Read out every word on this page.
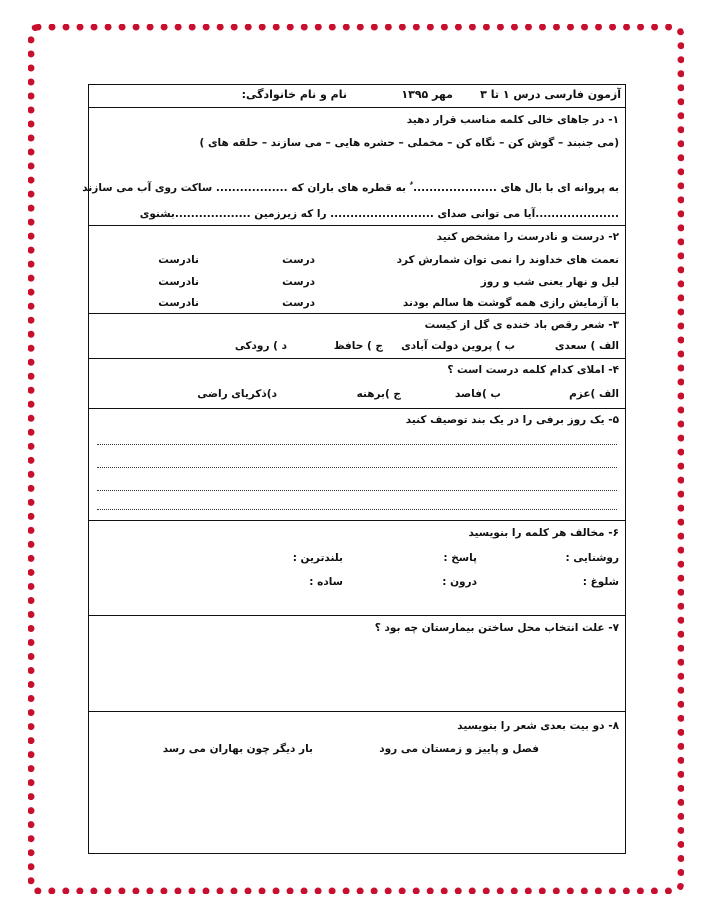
آزمون فارسی درس ۱ تا ۳
مهر ۱۳۹۵
نام و نام خانوادگی:
۱- در جاهای خالی کلمه مناسب قرار دهید
(می جنبند – گوش کن – نگاه کن – مخملی – حشره هایی – می سازند – حلقه های )
به پروانه ای با بال های ..................... ٌ به قطره های باران که .................. ساکت روی آب می سازند
.....................آیا می توانی صدای .......................... را که زیرزمین ...................بشنوی
۲- درست و نادرست را مشخص کنید
نعمت های خداوند را نمی توان شمارش کرد
درست
نادرست
لیل و نهار یعنی شب و روز
درست
نادرست
با آزمایش رازی همه گوشت ها سالم بودند
درست
نادرست
۳- شعر رقص باد خنده ی گل از کیست
الف ) سعدی
ب ) پروین دولت آبادی
ج ) حافظ
د ) رودکی
۴- املای کدام کلمه درست است ؟
الف )عزم
ب )فاصد
ج )برهنه
د)ذکریای راضی
۵- یک روز برفی را در یک بند توصیف کنید
۶- مخالف هر کلمه را بنویسید
روشنایی :
پاسخ :
بلندترین :
شلوغ :
درون :
ساده :
۷- علت انتخاب محل ساختن بیمارستان چه بود ؟
۸- دو بیت بعدی شعر را بنویسید
فصل و پاییز و زمستان می رود
بار دیگر چون بهاران می رسد
